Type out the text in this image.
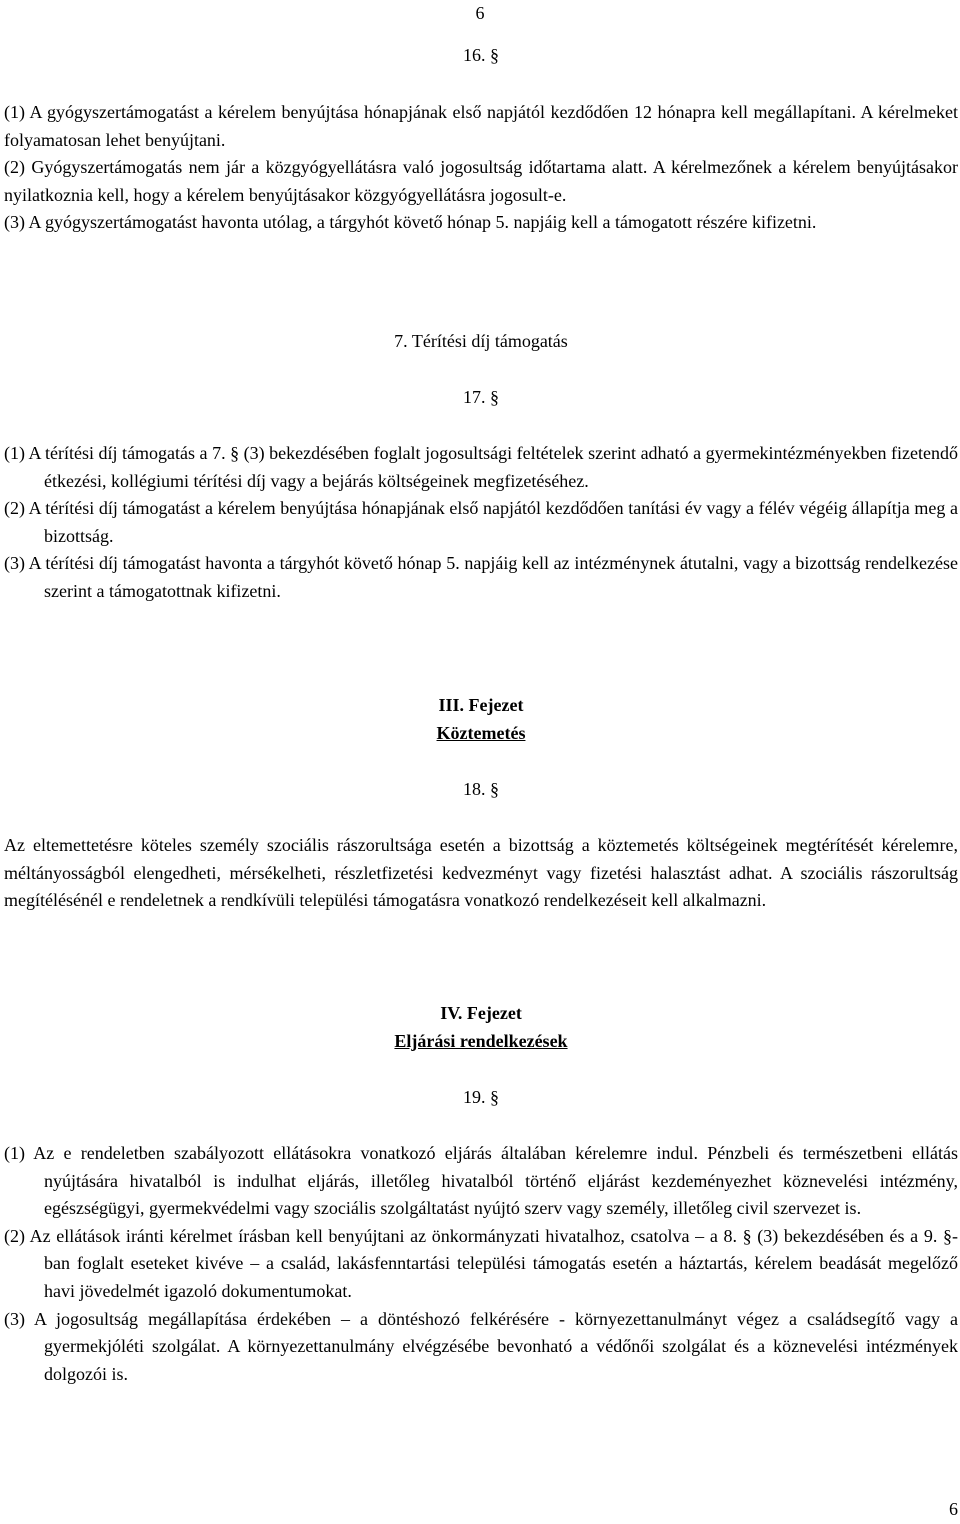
6
16. §

(1) A gyógyszertámogatást a kérelem benyújtása hónapjának első napjától kezdődően 12 hónapra kell megállapítani. A kérelmeket folyamatosan lehet benyújtani.

(2) Gyógyszertámogatás nem jár a közgyógyellátásra való jogosultság időtartama alatt. A kérelmezőnek a kérelem benyújtásakor nyilatkoznia kell, hogy a kérelem benyújtásakor közgyógyellátásra jogosult-e.

(3) A gyógyszertámogatást havonta utólag, a tárgyhót követő hónap 5. napjáig kell a támogatott részére kifizetni.

7. Térítési díj támogatás
17. §

(1) A térítési díj támogatás a 7. § (3) bekezdésében foglalt jogosultsági feltételek szerint adható a gyermekintézményekben fizetendő étkezési, kollégiumi térítési díj vagy a bejárás költségeinek megfizetéséhez.

(2) A térítési díj támogatást a kérelem benyújtása hónapjának első napjától kezdődően tanítási év vagy a félév végéig állapítja meg a bizottság.

(3) A térítési díj támogatást havonta a tárgyhót követő hónap 5. napjáig kell az intézménynek átutalni, vagy a bizottság rendelkezése szerint a támogatottnak kifizetni.

III. Fejezet
Köztemetés
18. §

Az eltemettetésre köteles személy szociális rászorultsága esetén a bizottság a köztemetés költségeinek megtérítését kérelemre, méltányosságból elengedheti, mérsékelheti, részletfizetési kedvezményt vagy fizetési halasztást adhat. A szociális rászorultság megítélésénél e rendeletnek a rendkívüli települési támogatásra vonatkozó rendelkezéseit kell alkalmazni.

IV. Fejezet
Eljárási rendelkezések
19. §

(1) Az e rendeletben szabályozott ellátásokra vonatkozó eljárás általában kérelemre indul. Pénzbeli és természetbeni ellátás nyújtására hivatalból is indulhat eljárás, illetőleg hivatalból történő eljárást kezdeményezhet köznevelési intézmény, egészségügyi, gyermekvédelmi vagy szociális szolgáltatást nyújtó szerv vagy személy, illetőleg civil szervezet is.

(2) Az ellátások iránti kérelmet írásban kell benyújtani az önkormányzati hivatalhoz, csatolva – a 8. § (3) bekezdésében és a 9. §-ban foglalt eseteket kivéve – a család, lakásfenntartási települési támogatás esetén a háztartás, kérelem beadását megelőző havi jövedelmét igazoló dokumentumokat.

(3) A jogosultság megállapítása érdekében – a döntéshozó felkérésére - környezettanulmányt végez a családsegítő vagy a gyermekjóléti szolgálat. A környezettanulmány elvégzésébe bevonható a védőnői szolgálat és a köznevelési intézmények dolgozói is.

6
